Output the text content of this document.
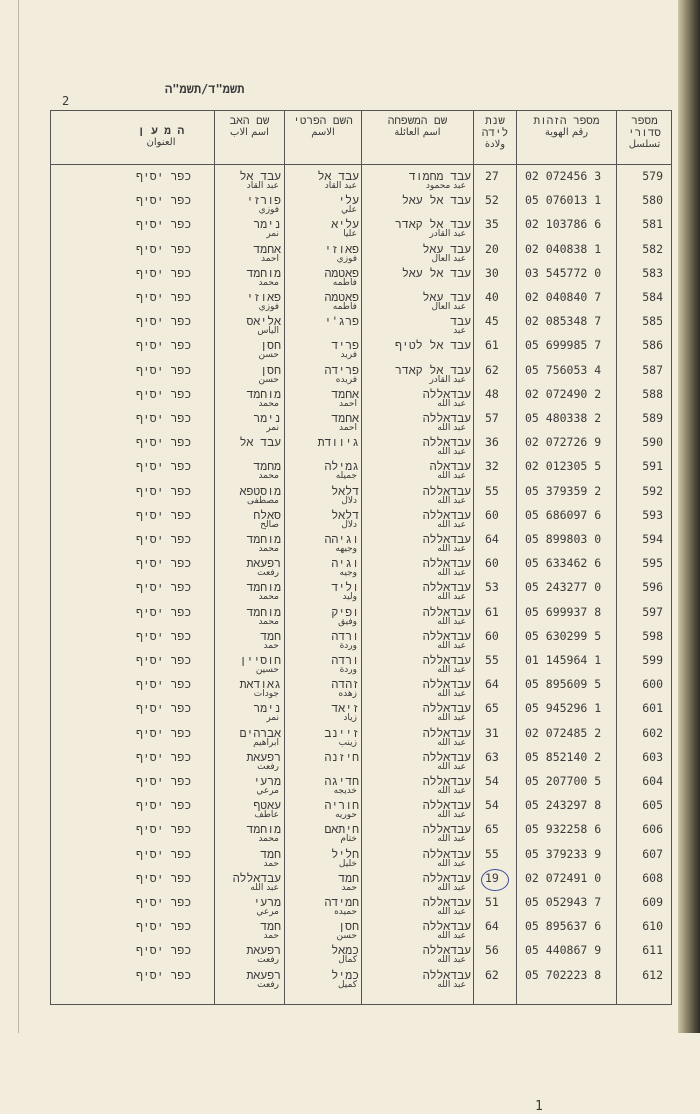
תשמ"ד/תשמ"ה
2
מספר סדורי
تسلسل
מספר הזהות
رقم الهوية
שנת לידה
ولادة
שם המשפחה
اسم العائلة
השם הפרטי
الاسم
שם האב
اسم الاب
ה מ ע ן
العنوان
579
02 072456 3
27
עבד מחמוד
عبد محمود
עבד אל
عبد القاد
עבד אל
عبد القاد
כפר יסיף
580
05 076013 1
52
עבד אל עאל
עלי
علي
פורזי
فوزي
כפר יסיף
581
02 103786 6
35
עבד אל קאדר
عبد القادر
עליא
عليا
נימר
نمر
כפר יסיף
582
02 040838 1
20
עבד עאל
عبد العال
פאוזי
فوزي
אחמד
احمد
כפר יסיף
583
03 545772 0
30
עבד אל עאל
פאטמה
فاطمه
מוחמד
محمد
כפר יסיף
584
02 040840 7
40
עבד עאל
عبد العال
פאטמה
فاطمه
פאוזי
فوزي
כפר יסיף
585
02 085348 7
45
עבד
عبد
פרג'י
אליאס
الياس
כפר יסיף
586
05 699985 7
61
עבד אל לטיף
פריד
فريد
חסן
حسن
כפר יסיף
587
05 756053 4
62
עבד אל קאדר
عبد القادر
פרידה
فريده
חסן
حسن
כפר יסיף
588
02 072490 2
48
עבדאללה
عبد الله
אחמד
احمد
מוחמד
محمد
כפר יסיף
589
05 480338 2
57
עבדאללה
عبد الله
אחמד
احمد
נימר
نمر
כפר יסיף
590
02 072726 9
36
עבדאללה
عبد الله
גיוודת
עבד אל
כפר יסיף
591
02 012305 5
32
עבדאלה
عبد الله
גמילה
جميله
מחמד
محمد
כפר יסיף
592
05 379359 2
55
עבדאללה
عبد الله
דלאל
دلال
מוסטפא
مصطفى
כפר יסיף
593
05 686097 6
60
עבדאללה
عبد الله
דלאל
دلال
סאלח
صالح
כפר יסיף
594
05 899803 0
64
עבדאללה
عبد الله
וגיהה
وجيهه
מוחמד
محمد
כפר יסיף
595
05 633462 6
60
עבדאללה
عبد الله
וגיה
وجيه
רפעאת
رفعت
כפר יסיף
596
05 243277 0
53
עבדאללה
عبد الله
וליד
وليد
מוחמד
محمد
כפר יסיף
597
05 699937 8
61
עבדאללה
عبد الله
ופיק
وفيق
מוחמד
محمد
כפר יסיף
598
05 630299 5
60
עבדאללה
عبد الله
ורדה
وردة
חמד
حمد
כפר יסיף
599
01 145964 1
55
עבדאללה
عبد الله
ורדה
وردة
חוסיין
حسين
כפר יסיף
600
05 895609 5
64
עבדאללה
عبد الله
זהדה
زهده
גאודאת
جودات
כפר יסיף
601
05 945296 1
65
עבדאללה
عبد الله
זיאד
زياد
נימר
نمر
כפר יסיף
602
02 072485 2
31
עבדאללה
عبد الله
זיינב
زينب
אברהים
ابراهيم
כפר יסיף
603
05 852140 2
63
עבדאללה
عبد الله
חיזנה
רפעאת
رفعت
כפר יסיף
604
05 207700 5
54
עבדאללה
عبد الله
חדיגה
خديجه
מרעי
مرعي
כפר יסיף
605
05 243297 8
54
עבדאללה
عبد الله
חוריה
حوريه
עאטף
عاطف
כפר יסיף
606
05 932258 6
65
עבדאללה
عبد الله
חיתאם
ختام
מוחמד
محمد
כפר יסיף
607
05 379233 9
55
עבדאללה
عبد الله
חליל
خليل
חמד
حمد
כפר יסיף
608
02 072491 0
19
עבדאללה
عبد الله
חמד
حمد
עבדאללה
عبد الله
כפר יסיף
609
05 052943 7
51
עבדאללה
عبد الله
חמידה
حميده
מרעי
مرعي
כפר יסיף
610
05 895637 6
64
עבדאללה
عبد الله
חסן
حسن
חמד
حمد
כפר יסיף
611
05 440867 9
56
עבדאללה
عبد الله
כמאל
كمال
רפעאת
رفعت
כפר יסיף
612
05 702223 8
62
עבדאללה
عبد الله
כמיל
كميل
רפעאת
رفعت
כפר יסיף
1
